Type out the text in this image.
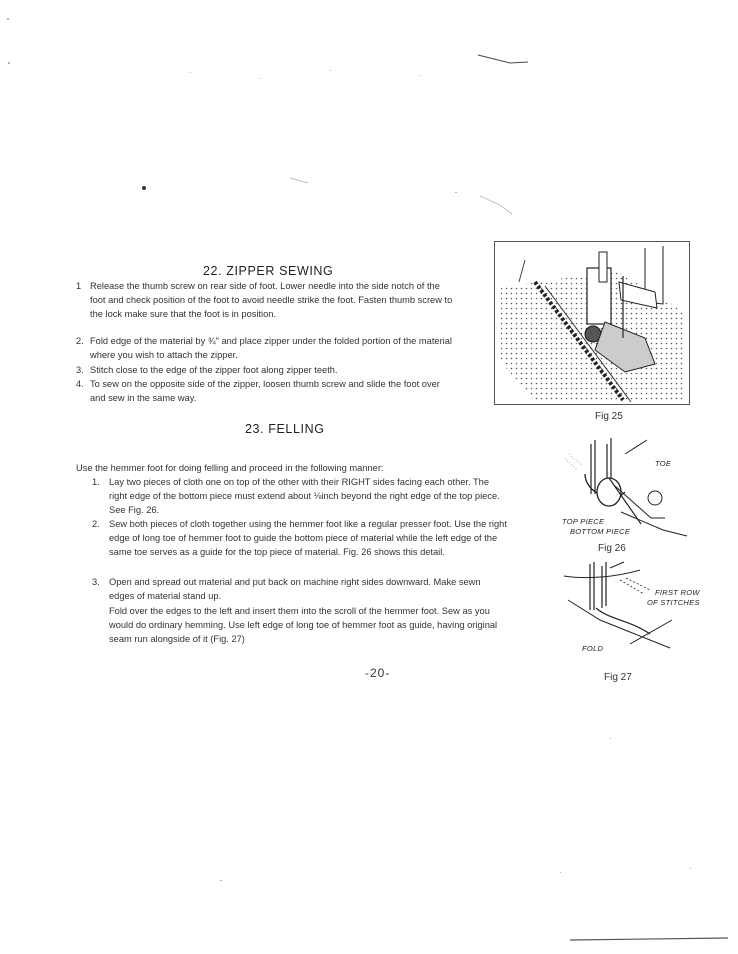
22. ZIPPER SEWING
1 Release the thumb screw on rear side of foot. Lower needle into the side notch of the foot and check position of the foot to avoid needle strike the foot. Fasten thumb screw to the lock make sure that the foot is in position.
2. Fold edge of the material by ¾" and place zipper under the folded portion of the material where you wish to attach the zipper.
3. Stitch close to the edge of the zipper foot along zipper teeth.
4. To sew on the opposite side of the zipper, loosen thumb screw and slide the foot over and sew in the same way.
Fig 25
23. FELLING
Use the hemmer foot for doing felling and proceed in the following manner:
1. Lay two pieces of cloth one on top of the other with their RIGHT sides facing each other. The right edge of the bottom piece must extend about ⅛inch beyond the right edge of the top piece. See Fig. 26.
2. Sew both pieces of cloth together using the hemmer foot like a regular presser foot. Use the right edge of long toe of hemmer foot to guide the bottom piece of material while the left edge of the same toe serves as a guide for the top piece of material. Fig. 26 shows this detail.
3. Open and spread out material and put back on machine right sides downward. Make sewn edges of material stand up.
Fold over the edges to the left and insert them into the scroll of the hemmer foot. Sew as you would do ordinary hemming. Use left edge of long toe of hemmer foot as guide, having original seam run alongside of it (Fig. 27)
-20-
TOE
TOP PIECE
BOTTOM PIECE
Fig 26
FIRST ROW
OF STITCHES
FOLD
Fig 27
